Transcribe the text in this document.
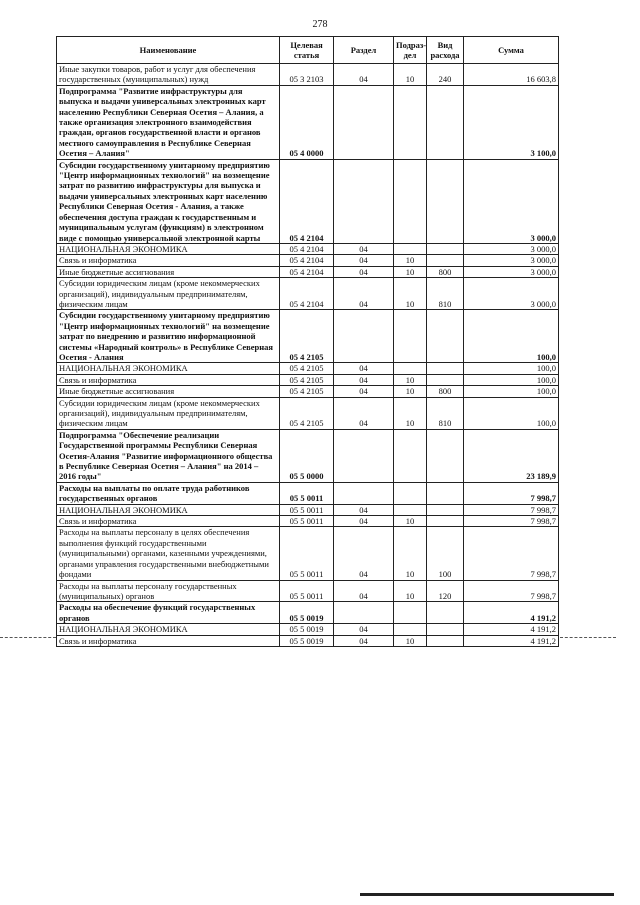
278
Наименование	Целевая статья	Раздел	Подраз-дел	Вид расхода	Сумма
Иные закупки товаров, работ и услуг для обеспечения государственных (муниципальных) нужд	05 3 2103	04	10	240	16 603,8
Подпрограмма "Развитие инфраструктуры для выпуска и выдачи универсальных электронных карт населению Республики Северная Осетия – Алания, а также организация электронного взаимодействия граждан, органов государственной власти и органов местного самоуправления в Республике Северная Осетия – Алания"	05 4 0000				3 100,0
Субсидии государственному унитарному предприятию "Центр информационных технологий" на возмещение затрат по развитию инфраструктуры для выпуска и выдачи универсальных электронных карт населению Республики Северная Осетия - Алания, а также обеспечения доступа граждан к государственным и муниципальным услугам (функциям) в электронном виде с помощью универсальной электронной карты	05 4 2104				3 000,0
НАЦИОНАЛЬНАЯ ЭКОНОМИКА	05 4 2104	04			3 000,0
Связь и информатика	05 4 2104	04	10		3 000,0
Иные бюджетные ассигнования	05 4 2104	04	10	800	3 000,0
Субсидии юридическим лицам (кроме некоммерческих организаций), индивидуальным предпринимателям, физическим лицам	05 4 2104	04	10	810	3 000,0
Субсидии государственному унитарному предприятию "Центр информационных технологий" на возмещение затрат по внедрению и развитию информационной системы «Народный контроль» в Республике Северная Осетия - Алания	05 4 2105				100,0
НАЦИОНАЛЬНАЯ ЭКОНОМИКА	05 4 2105	04			100,0
Связь и информатика	05 4 2105	04	10		100,0
Иные бюджетные ассигнования	05 4 2105	04	10	800	100,0
Субсидии юридическим лицам (кроме некоммерческих организаций), индивидуальным предпринимателям, физическим лицам	05 4 2105	04	10	810	100,0
Подпрограмма "Обеспечение реализации Государственной программы Республики Северная Осетия-Алания "Развитие информационного общества в Республике Северная Осетия – Алания" на 2014 – 2016 годы"	05 5 0000				23 189,9
Расходы на выплаты по оплате труда работников государственных органов	05 5 0011				7 998,7
НАЦИОНАЛЬНАЯ ЭКОНОМИКА	05 5 0011	04			7 998,7
Связь и информатика	05 5 0011	04	10		7 998,7
Расходы на выплаты персоналу в целях обеспечения выполнения функций государственными (муниципальными) органами, казенными учреждениями, органами управления государственными внебюджетными фондами	05 5 0011	04	10	100	7 998,7
Расходы на выплаты персоналу государственных (муниципальных) органов	05 5 0011	04	10	120	7 998,7
Расходы на обеспечение функций государственных органов	05 5 0019				4 191,2
НАЦИОНАЛЬНАЯ ЭКОНОМИКА	05 5 0019	04			4 191,2
Связь и информатика	05 5 0019	04	10		4 191,2
